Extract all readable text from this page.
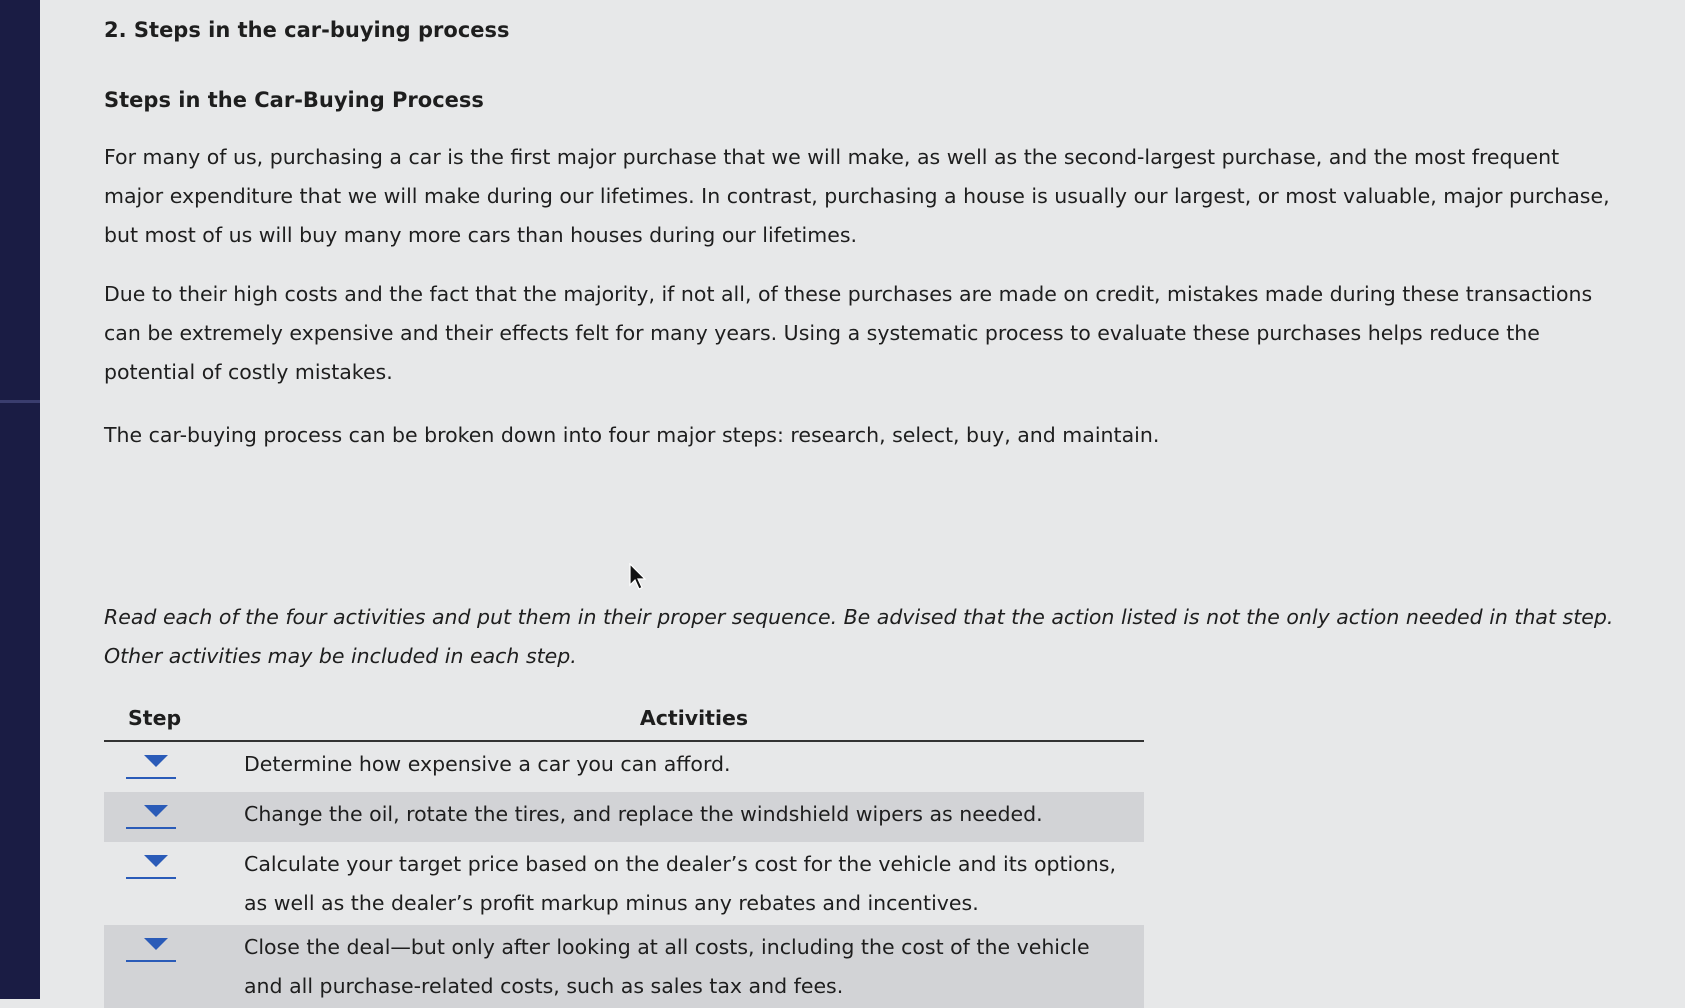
2. Steps in the car-buying process
Steps in the Car-Buying Process

For many of us, purchasing a car is the first major purchase that we will make, as well as the second-largest purchase, and the most frequent major expenditure that we will make during our lifetimes. In contrast, purchasing a house is usually our largest, or most valuable, major purchase, but most of us will buy many more cars than houses during our lifetimes.

Due to their high costs and the fact that the majority, if not all, of these purchases are made on credit, mistakes made during these transactions can be extremely expensive and their effects felt for many years. Using a systematic process to evaluate these purchases helps reduce the potential of costly mistakes.

The car-buying process can be broken down into four major steps: research, select, buy, and maintain.

Read each of the four activities and put them in their proper sequence. Be advised that the action listed is not the only action needed in that step. Other activities may be included in each step.

Step	Activities

	Determine how expensive a car you can afford.

	Change the oil, rotate the tires, and replace the windshield wipers as needed.

	Calculate your target price based on the dealer’s cost for the vehicle and its options, as well as the dealer’s profit markup minus any rebates and incentives.

	Close the deal—but only after looking at all costs, including the cost of the vehicle and all purchase-related costs, such as sales tax and fees.
